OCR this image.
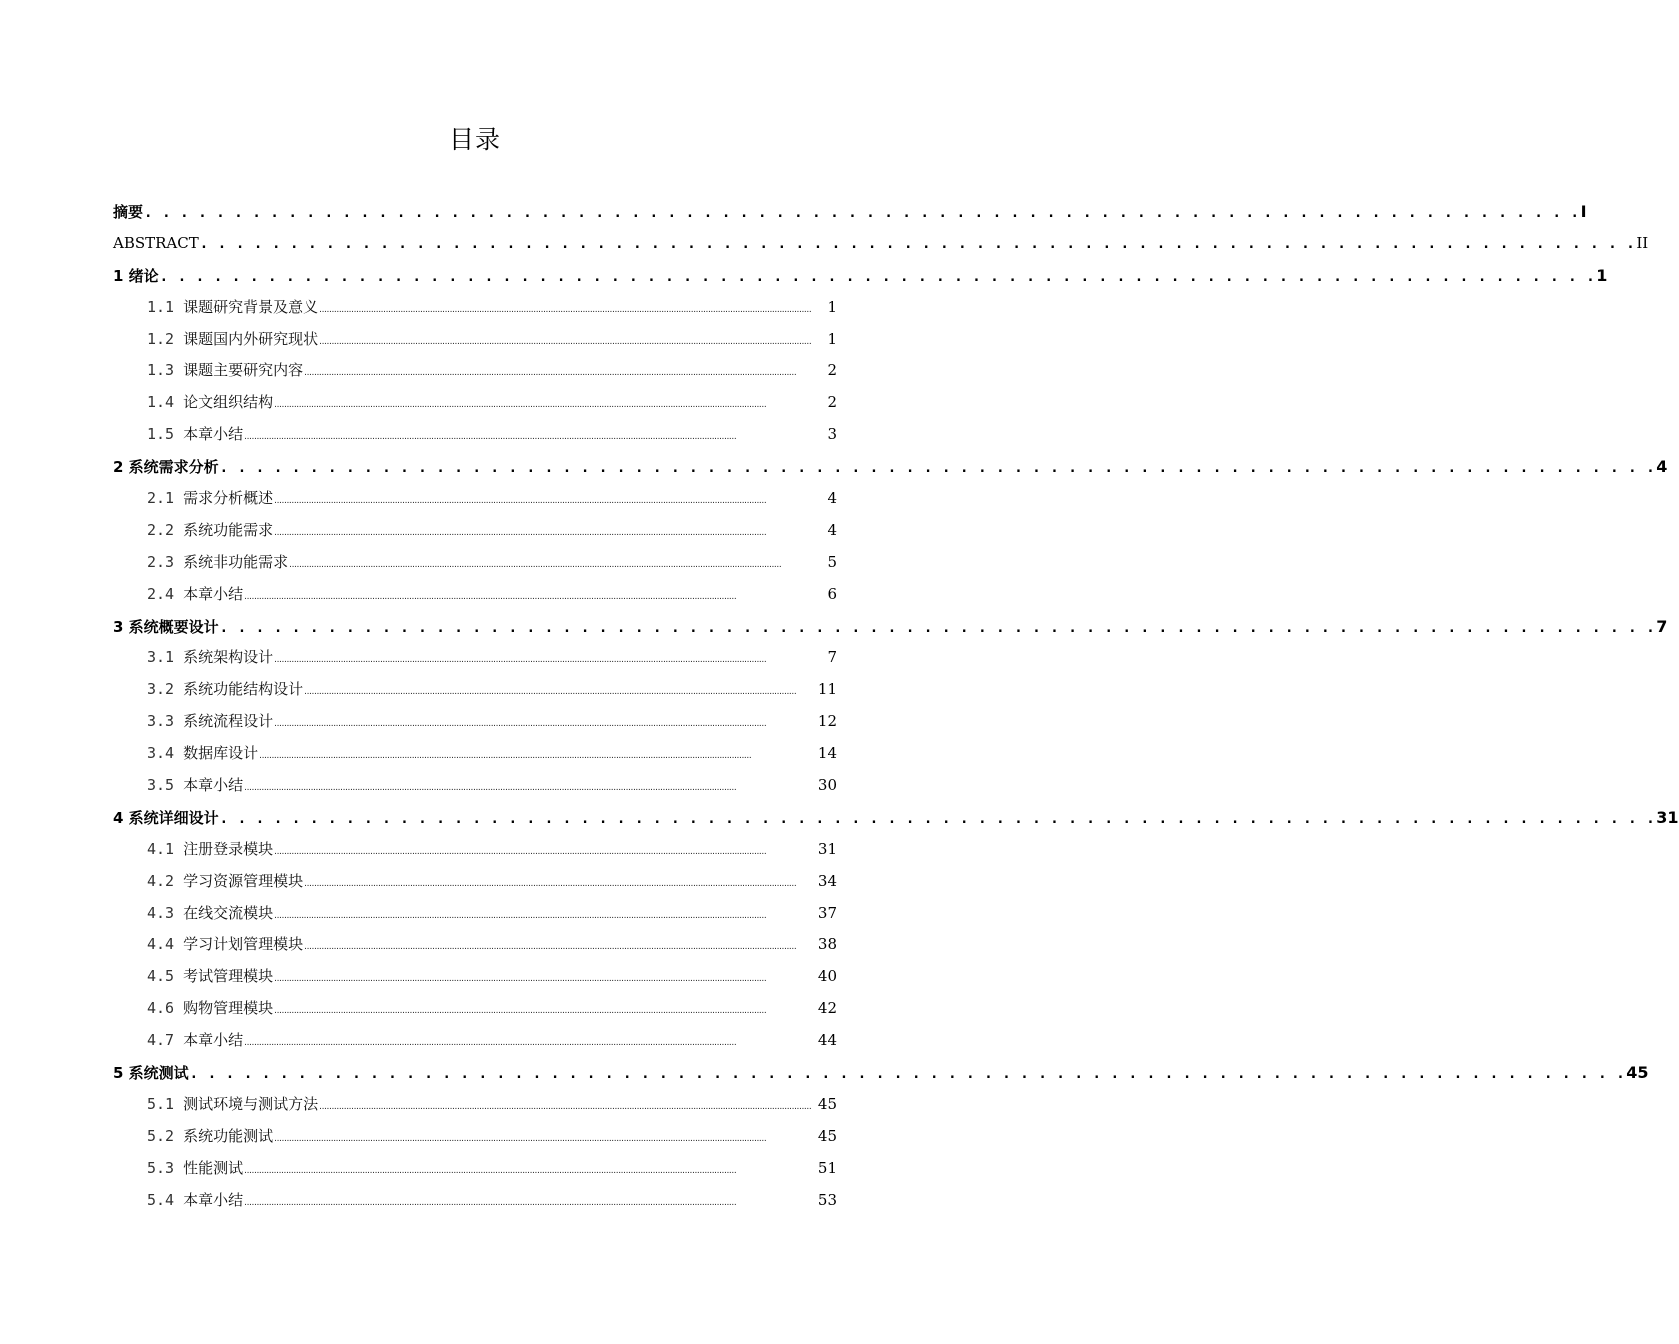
目录
摘要 . . . . . . . . . . . . . . . . . . . . . . . . . . . . . . . . . . . . . . . . . . . . . . . . . . . . . . . . . . . . . . . . . . . . . . . . . . . . . . . . I
ABSTRACT . . . . . . . . . . . . . . . . . . . . . . . . . . . . . . . . . . . . . . . . . . . . . . . . . . . . . . . . . . . . . . . . . . . . . . . . . . . . . . . . II
1 绪论 . . . . . . . . . . . . . . . . . . . . . . . . . . . . . . . . . . . . . . . . . . . . . . . . . . . . . . . . . . . . . . . . . . . . . . . . . . . . . . . . 1
1.1 课题研究背景及意义 ........................................................................................................................................................................................................	1
1.2 课题国内外研究现状 ........................................................................................................................................................................................................	1
1.3 课题主要研究内容 ........................................................................................................................................................................................................	2
1.4 论文组织结构 ........................................................................................................................................................................................................	2
1.5 本章小结 ........................................................................................................................................................................................................	3
2 系统需求分析 . . . . . . . . . . . . . . . . . . . . . . . . . . . . . . . . . . . . . . . . . . . . . . . . . . . . . . . . . . . . . . . . . . . . . . . . . . . . . . . . 4
2.1 需求分析概述 ........................................................................................................................................................................................................	4
2.2 系统功能需求 ........................................................................................................................................................................................................	4
2.3 系统非功能需求 ........................................................................................................................................................................................................	5
2.4 本章小结 ........................................................................................................................................................................................................	6
3 系统概要设计 . . . . . . . . . . . . . . . . . . . . . . . . . . . . . . . . . . . . . . . . . . . . . . . . . . . . . . . . . . . . . . . . . . . . . . . . . . . . . . . . 7
3.1 系统架构设计 ........................................................................................................................................................................................................	7
3.2 系统功能结构设计 ........................................................................................................................................................................................................	11
3.3 系统流程设计 ........................................................................................................................................................................................................	12
3.4 数据库设计 ........................................................................................................................................................................................................	14
3.5 本章小结 ........................................................................................................................................................................................................	30
4 系统详细设计 . . . . . . . . . . . . . . . . . . . . . . . . . . . . . . . . . . . . . . . . . . . . . . . . . . . . . . . . . . . . . . . . . . . . . . . . . . . . . . . . 31
4.1 注册登录模块 ........................................................................................................................................................................................................	31
4.2 学习资源管理模块 ........................................................................................................................................................................................................	34
4.3 在线交流模块 ........................................................................................................................................................................................................	37
4.4 学习计划管理模块 ........................................................................................................................................................................................................	38
4.5 考试管理模块 ........................................................................................................................................................................................................	40
4.6 购物管理模块 ........................................................................................................................................................................................................	42
4.7 本章小结 ........................................................................................................................................................................................................	44
5 系统测试 . . . . . . . . . . . . . . . . . . . . . . . . . . . . . . . . . . . . . . . . . . . . . . . . . . . . . . . . . . . . . . . . . . . . . . . . . . . . . . . . 45
5.1 测试环境与测试方法 ........................................................................................................................................................................................................ 45
5.2 系统功能测试 ........................................................................................................................................................................................................	45
5.3 性能测试 ........................................................................................................................................................................................................	51
5.4 本章小结 ........................................................................................................................................................................................................	53
